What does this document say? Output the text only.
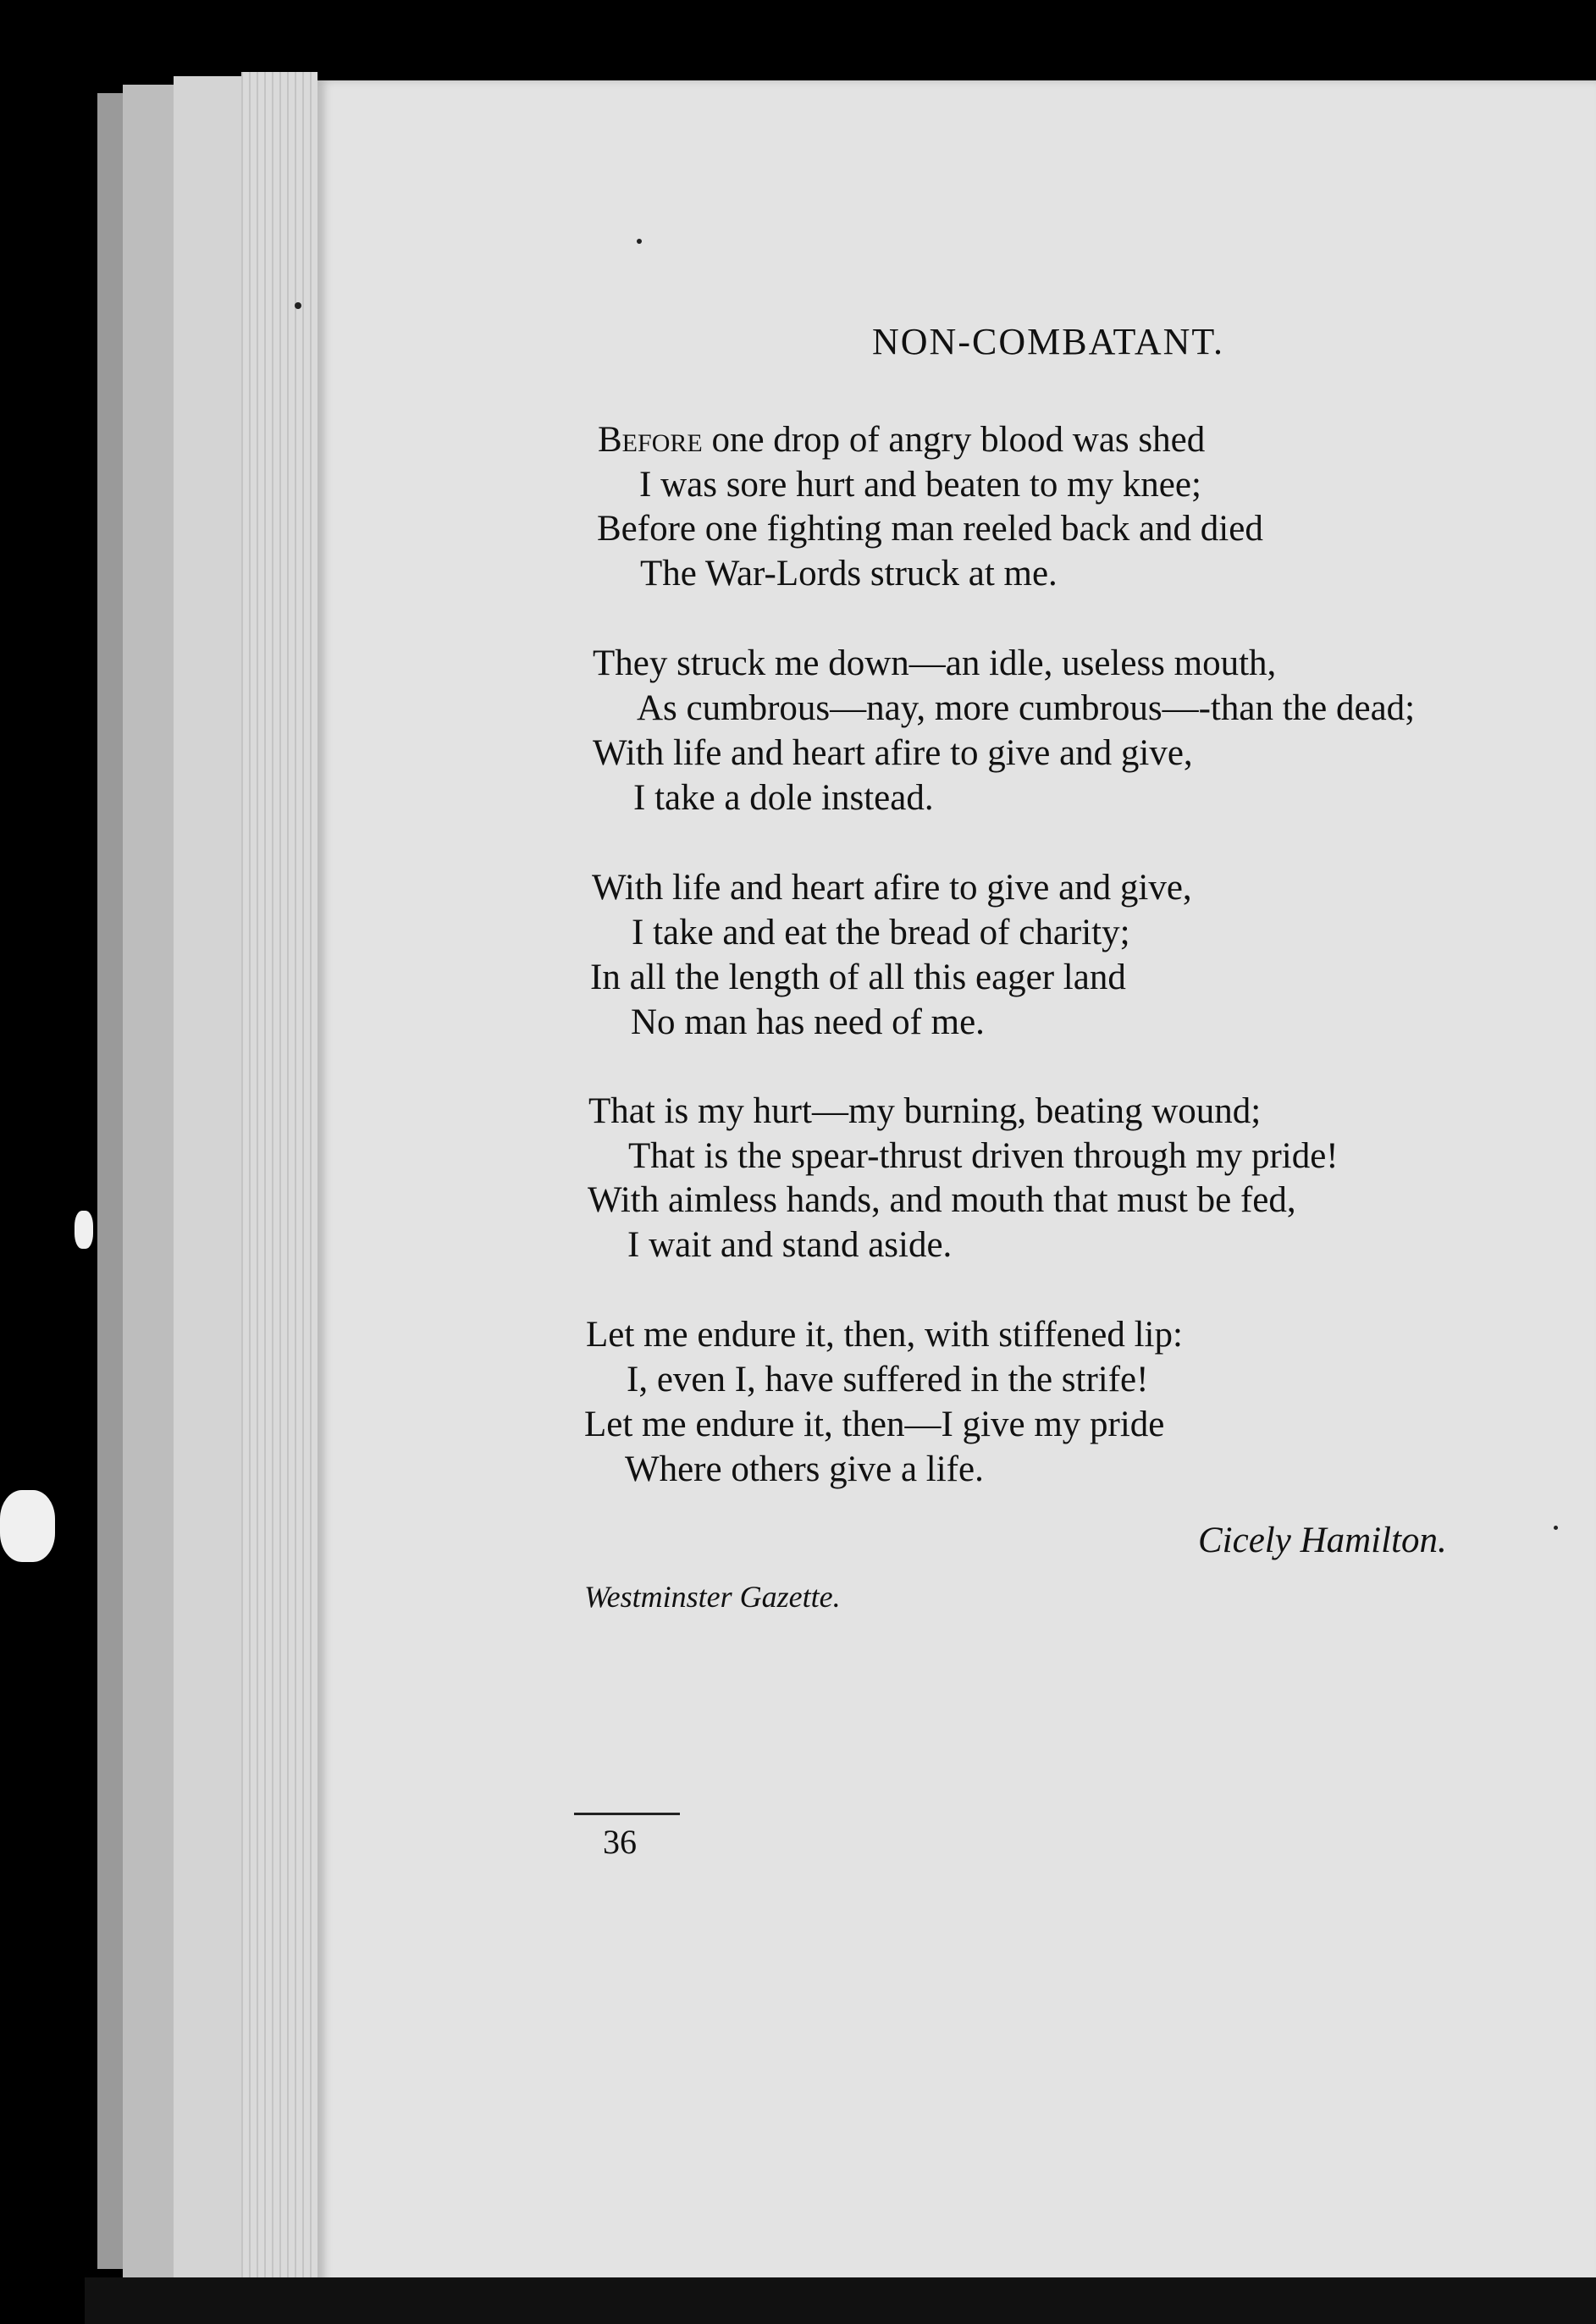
NON-COMBATANT.
Before one drop of angry blood was shed
I was sore hurt and beaten to my knee;
Before one fighting man reeled back and died
The War-Lords struck at me.
They struck me down—an idle, useless mouth,
As cumbrous—nay, more cumbrous—-than the dead;
With life and heart afire to give and give,
I take a dole instead.
With life and heart afire to give and give,
I take and eat the bread of charity;
In all the length of all this eager land
No man has need of me.
That is my hurt—my burning, beating wound;
That is the spear-thrust driven through my pride!
With aimless hands, and mouth that must be fed,
I wait and stand aside.
Let me endure it, then, with stiffened lip:
I, even I, have suffered in the strife!
Let me endure it, then—I give my pride
Where others give a life.
Cicely Hamilton.
Westminster Gazette.
36
